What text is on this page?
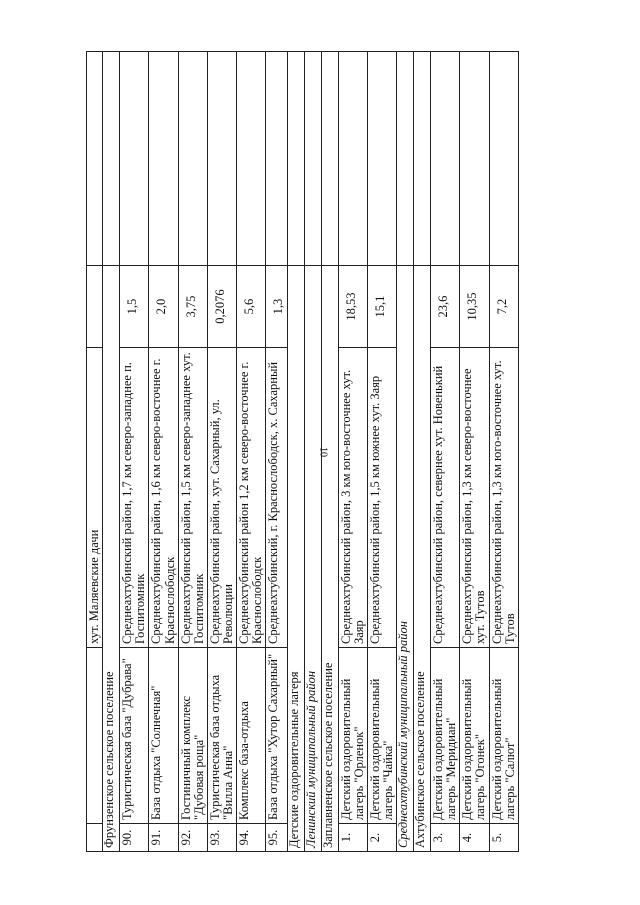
10
		хут. Маляевские дачи		
Фрунзенское сельское поселение				
90.	Туристическая база "Дубрава"	Среднеахтубинский район, 1,7 км северо-западнее п. Госпитомник	1,5	
91.	База отдыха "Солнечная"	Среднеахтубинский район, 1,6 км северо-восточнее г. Краснослободск	2,0	
92.	Гостиничный комплекс "Дубовая роща"	Среднеахтубинский район, 1,5 км северо-западнее хут. Госпитомник	3,75	
93.	Туристическая база отдыха "Вилла Анна"	Среднеахтубинский район, хут. Сахарный, ул. Революции	0,2076	
94.	Комплекс база-отдыха	Среднеахтубинский район 1,2 км северо-восточнее г. Краснослободск	5,6	
95.	База отдыха "Хутор Сахарный"	Среднеахтубинский, г. Краснослободск, х. Сахарный	1,3	
Детские оздоровительные лагеря				
Ленинский муниципальный район				
Заплавненское сельское поселение				
1.	Детский оздоровительный лагерь "Орленок"	Среднеахтубинский район, 3 км юго-восточнее хут. Заяр	18,53	
2.	Детский оздоровительный лагерь "Чайка"	Среднеахтубинский район, 1,5 км южнее хут. Заяр	15,1	
Среднеахтубинский муниципальный район				
Ахтубинское сельское поселение				
3.	Детский оздоровительный лагерь "Меридиан"	Среднеахтубинский район, севернее хут. Новенький	23,6	
4.	Детский оздоровительный лагерь "Огонек"	Среднеахтубинский район, 1,3 км северо-восточнее хут. Тутов	10,35	
5.	Детский оздоровительный лагерь "Салют"	Среднеахтубинский район, 1,3 км юго-восточнее хут. Тутов	7,2	
